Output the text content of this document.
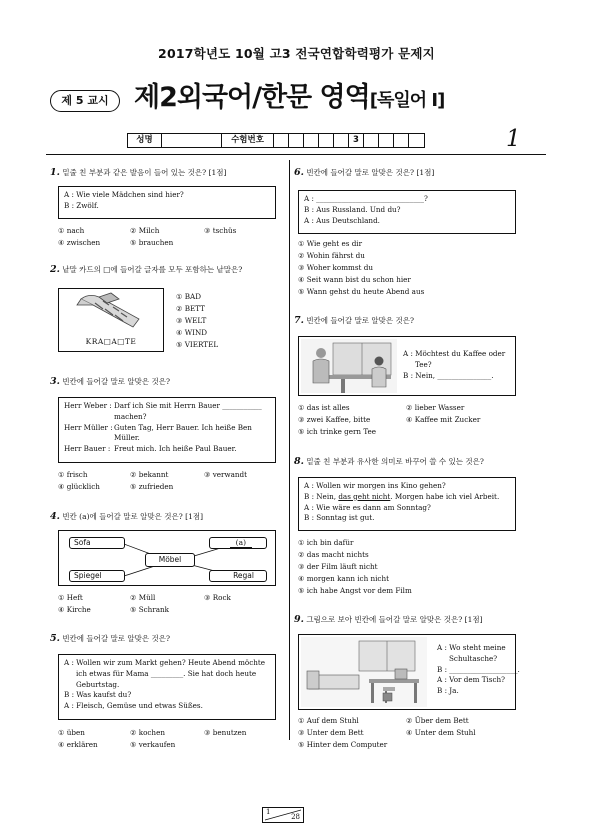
2017학년도 10월 고3 전국연합학력평가 문제지
제 5 교시 제2외국어/한문 영역[독일어 I]
성명	수험번호	3	1
1. 밑줄 친 부분과 같은 발음이 들어 있는 것은? [1점]
A : Wie viele Mädchen sind hier?
B : Zwölf.
① nach	② Milch	③ tschüs
④ zwischen	⑤ brauchen
2. 낱말 카드의 □에 들어갈 글자를 모두 포함하는 낱말은?
KRA□A□TE
① BAD
② BETT
③ WELT
④ WIND
⑤ VIERTEL
3. 빈칸에 들어갈 말로 알맞은 것은?
Herr Weber : Darf ich Sie mit Herrn Bauer ___________
machen?
Herr Müller :Guten Tag, Herr Bauer. Ich heiße Ben
Müller.
Herr Bauer : Freut mich. Ich heiße Paul Bauer.
① frisch	② bekannt	③ verwandt
④ glücklich	⑤ zufrieden
4. 빈칸 (a)에 들어갈 말로 알맞은 것은? [1점]
Sofa
Möbel
(a)
Spiegel	Regal
① Heft	② Müll	③ Rock
④ Kirche	⑤ Schrank
5. 빈칸에 들어갈 말로 알맞은 것은?
A : Wollen wir zum Markt gehen? Heute Abend möchte
ich etwas für Mama _________. Sie hat doch heute
Geburtstag.
B : Was kaufst du?
A : Fleisch, Gemüse und etwas Süßes.
① üben	② kochen	③ benutzen
④ erklären	⑤ verkaufen
6. 빈칸에 들어갈 말로 알맞은 것은? [1점]
A : ______________________________?
B : Aus Russland. Und du?
A : Aus Deutschland.
① Wie geht es dir
② Wohin fährst du
③ Woher kommst du
④ Seit wann bist du schon hier
⑤ Wann gehst du heute Abend aus
7. 빈칸에 들어갈 말로 알맞은 것은?
A : Möchtest du Kaffee oder
Tee?
B : Nein, _______________.
① das ist alles	② lieber Wasser
③ zwei Kaffee, bitte	④ Kaffee mit Zucker
⑤ ich trinke gern Tee
8. 밑줄 친 부분과 유사한 의미로 바꾸어 쓸 수 있는 것은?
A : Wollen wir morgen ins Kino gehen?
B : Nein, das geht nicht. Morgen habe ich viel Arbeit.
A : Wie wäre es dann am Sonntag?
B : Sonntag ist gut.
① ich bin dafür
② das macht nichts
③ der Film läuft nicht
④ morgen kann ich nicht
⑤ ich habe Angst vor dem Film
9. 그림으로 보아 빈칸에 들어갈 말로 알맞은 것은? [1점]
A : Wo steht meine
Schultasche?
B : ___________________.
A : Vor dem Tisch?
B : Ja.
① Auf dem Stuhl	② Über dem Bett
③ Unter dem Bett	④ Unter dem Stuhl
⑤ Hinter dem Computer
1
28
